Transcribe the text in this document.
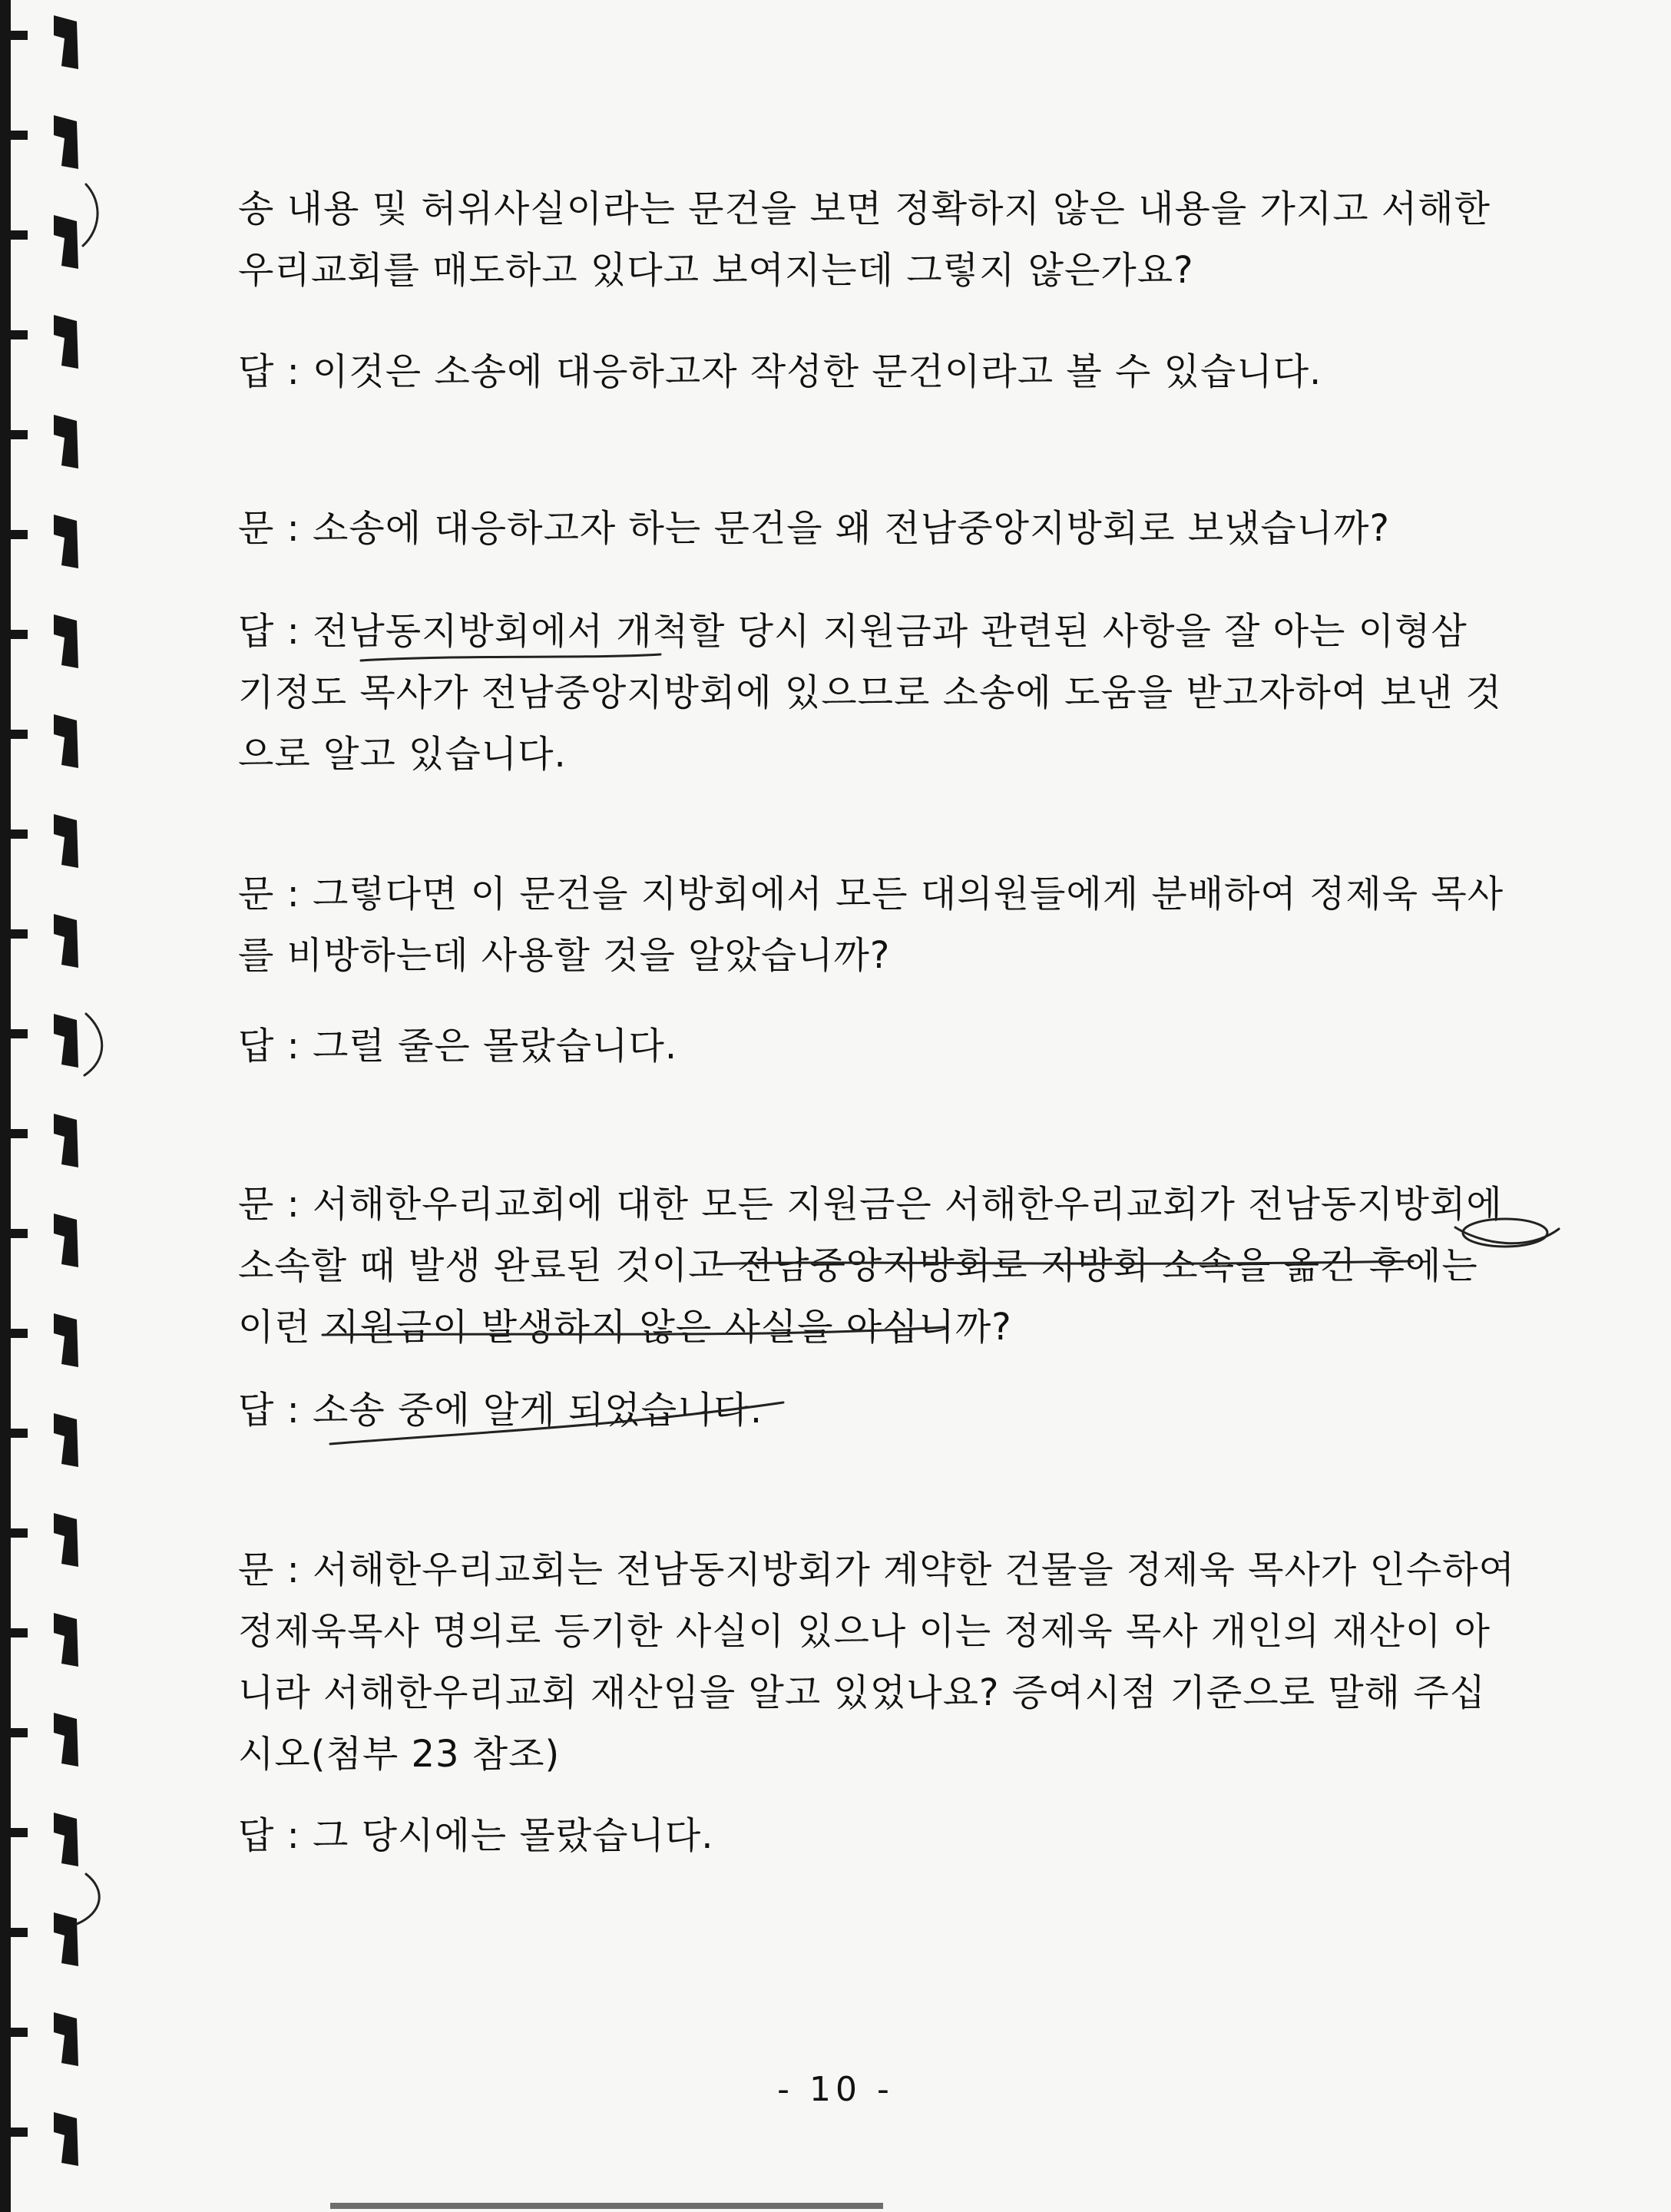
송 내용 및 허위사실이라는 문건을 보면 정확하지 않은 내용을 가지고 서해한

우리교회를 매도하고 있다고 보여지는데 그렇지 않은가요?

답 : 이것은 소송에 대응하고자 작성한 문건이라고 볼 수 있습니다.

문 : 소송에 대응하고자 하는 문건을 왜 전남중앙지방회로 보냈습니까?

답 : 전남동지방회에서 개척할 당시 지원금과 관련된 사항을 잘 아는 이형삼

기정도 목사가 전남중앙지방회에 있으므로 소송에 도움을 받고자하여 보낸 것

으로 알고 있습니다.

문 : 그렇다면 이 문건을 지방회에서 모든 대의원들에게 분배하여 정제욱 목사

를 비방하는데 사용할 것을 알았습니까?

답 : 그럴 줄은 몰랐습니다.

문 : 서해한우리교회에 대한 모든 지원금은 서해한우리교회가 전남동지방회에

소속할 때 발생 완료된 것이고 전남중앙지방회로 지방회 소속을 옮긴 후에는

이런 지원금이 발생하지 않은 사실을 아십니까?

답 : 소송 중에 알게 되었습니다.

문 : 서해한우리교회는 전남동지방회가 계약한 건물을 정제욱 목사가 인수하여

정제욱목사 명의로 등기한 사실이 있으나 이는 정제욱 목사 개인의 재산이 아

니라 서해한우리교회 재산임을 알고 있었나요? 증여시점 기준으로 말해 주십

시오(첨부 23 참조)

답 : 그 당시에는 몰랐습니다.

- 10 -
